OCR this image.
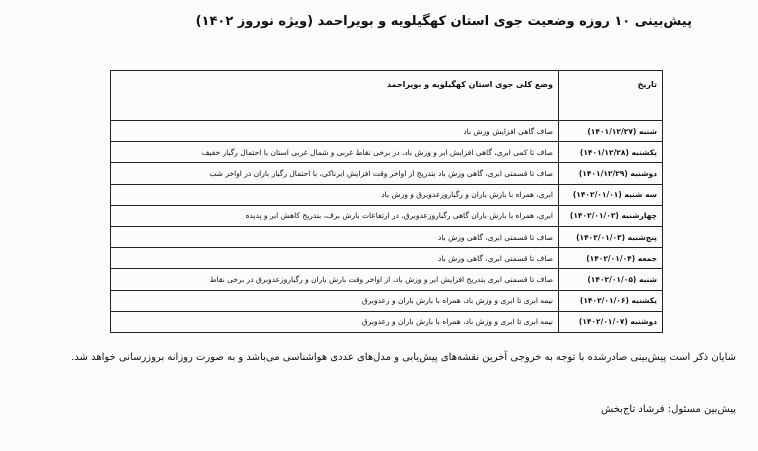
پیش‌بینی ۱۰ روزه وضعیت جوی استان کهگیلویه و بویراحمد (ویژه نوروز ۱۴۰۲)
تاریخ	وضع کلی جوی استان کهگیلویه و بویراحمد
شنبه (۱۴۰۱/۱۲/۲۷)	صاف گاهی افزایش وزش باد
یکشنبه (۱۴۰۱/۱۲/۲۸)	صاف تا کمی ابری، گاهی افزایش ابر و وزش باد، در برخی نقاط غربی و شمال غربی استان با احتمال رگبار خفیف
دوشنبه (۱۴۰۱/۱۲/۲۹)	صاف تا قسمتی ابری، گاهی وزش باد بتدریج از اواخر وقت افزایش ابرناکی، با احتمال رگبار باران در اواخر شب
سه شنبه (۱۴۰۲/۰۱/۰۱)	ابری، همراه با بارش باران و رگباروزعدوبرق و وزش باد
چهارشنبه (۱۴۰۲/۰۱/۰۲)	ابری، همراه با بارش باران گاهی رگباروزعدوبرق، در ارتفاعات بارش برف، بتدریج کاهش ابر و پدیده
پنج‌شنبه (۱۴۰۲/۰۱/۰۳)	صاف تا قسمتی ابری، گاهی وزش باد
جمعه (۱۴۰۲/۰۱/۰۴)	صاف تا قسمتی ابری، گاهی وزش باد
شنبه (۱۴۰۲/۰۱/۰۵)	صاف تا قسمتی ابری بتدریج افزایش ابر و وزش باد، از اواخر وقت بارش باران و رگباروزعدوبرق در برخی نقاط
یکشنبه (۱۴۰۲/۰۱/۰۶)	نیمه ابری تا ابری و وزش باد، همراه با بارش باران و رعدوبرق
دوشنبه (۱۴۰۲/۰۱/۰۷)	نیمه ابری تا ابری و وزش باد، همراه با بارش باران و رعدوبرق
شایان ذکر است پیش‌بینی صادرشده با توجه به خروجی آخرین نقشه‌های پیش‌یابی و مدل‌های عددی هواشناسی می‌باشد و به صورت روزانه بروزرسانی خواهد شد.
پیش‌بین مسئول: فرشاد تاج‌بخش
